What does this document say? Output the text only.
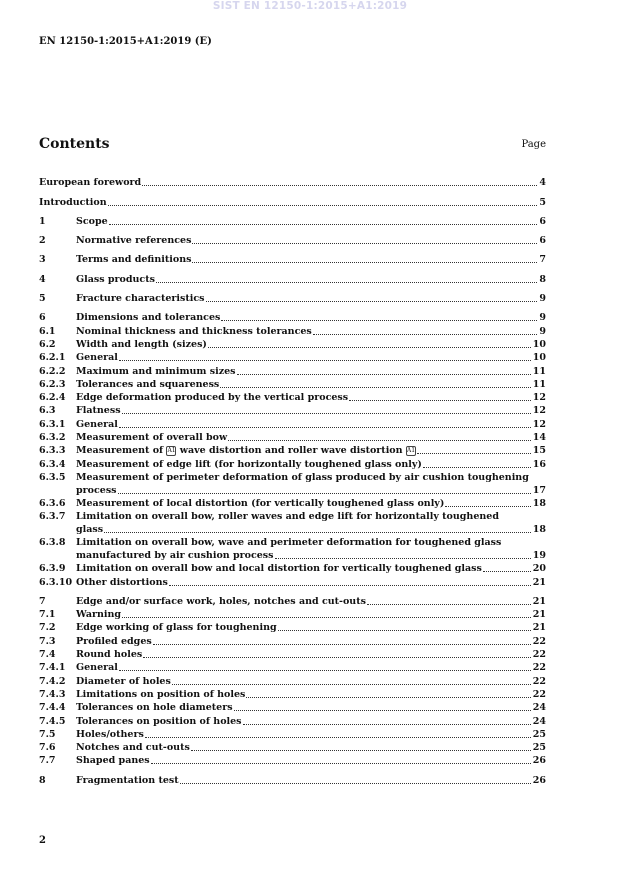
SIST EN 12150-1:2015+A1:2019
EN 12150-1:2015+A1:2019 (E)
Contents	Page
European foreword	4
Introduction	5
1	Scope	6
2	Normative references	6
3	Terms and definitions	7
4	Glass products	8
5	Fracture characteristics	9
6	Dimensions and tolerances	9
6.1	Nominal thickness and thickness tolerances	9
6.2	Width and length (sizes)	10
6.2.1	General	10
6.2.2	Maximum and minimum sizes	11
6.2.3	Tolerances and squareness	11
6.2.4	Edge deformation produced by the vertical process	12
6.3	Flatness	12
6.3.1	General	12
6.3.2	Measurement of overall bow	14
6.3.3	Measurement of A1 wave distortion and roller wave distortion A1	15
6.3.4	Measurement of edge lift (for horizontally toughened glass only)	16
6.3.5	Measurement of perimeter deformation of glass produced by air cushion toughening
process	17
6.3.6	Measurement of local distortion (for vertically toughened glass only)	18
6.3.7	Limitation on overall bow, roller waves and edge lift for horizontally toughened
glass	18
6.3.8	Limitation on overall bow, wave and perimeter deformation for toughened glass
manufactured by air cushion process	19
6.3.9	Limitation on overall bow and local distortion for vertically toughened glass	20
6.3.10 Other distortions	21
7	Edge and/or surface work, holes, notches and cut-outs	21
7.1	Warning	21
7.2	Edge working of glass for toughening	21
7.3	Profiled edges	22
7.4	Round holes	22
7.4.1	General	22
7.4.2	Diameter of holes	22
7.4.3	Limitations on position of holes	22
7.4.4	Tolerances on hole diameters	24
7.4.5	Tolerances on position of holes	24
7.5	Holes/others	25
7.6	Notches and cut-outs	25
7.7	Shaped panes	26
8	Fragmentation test	26
2
